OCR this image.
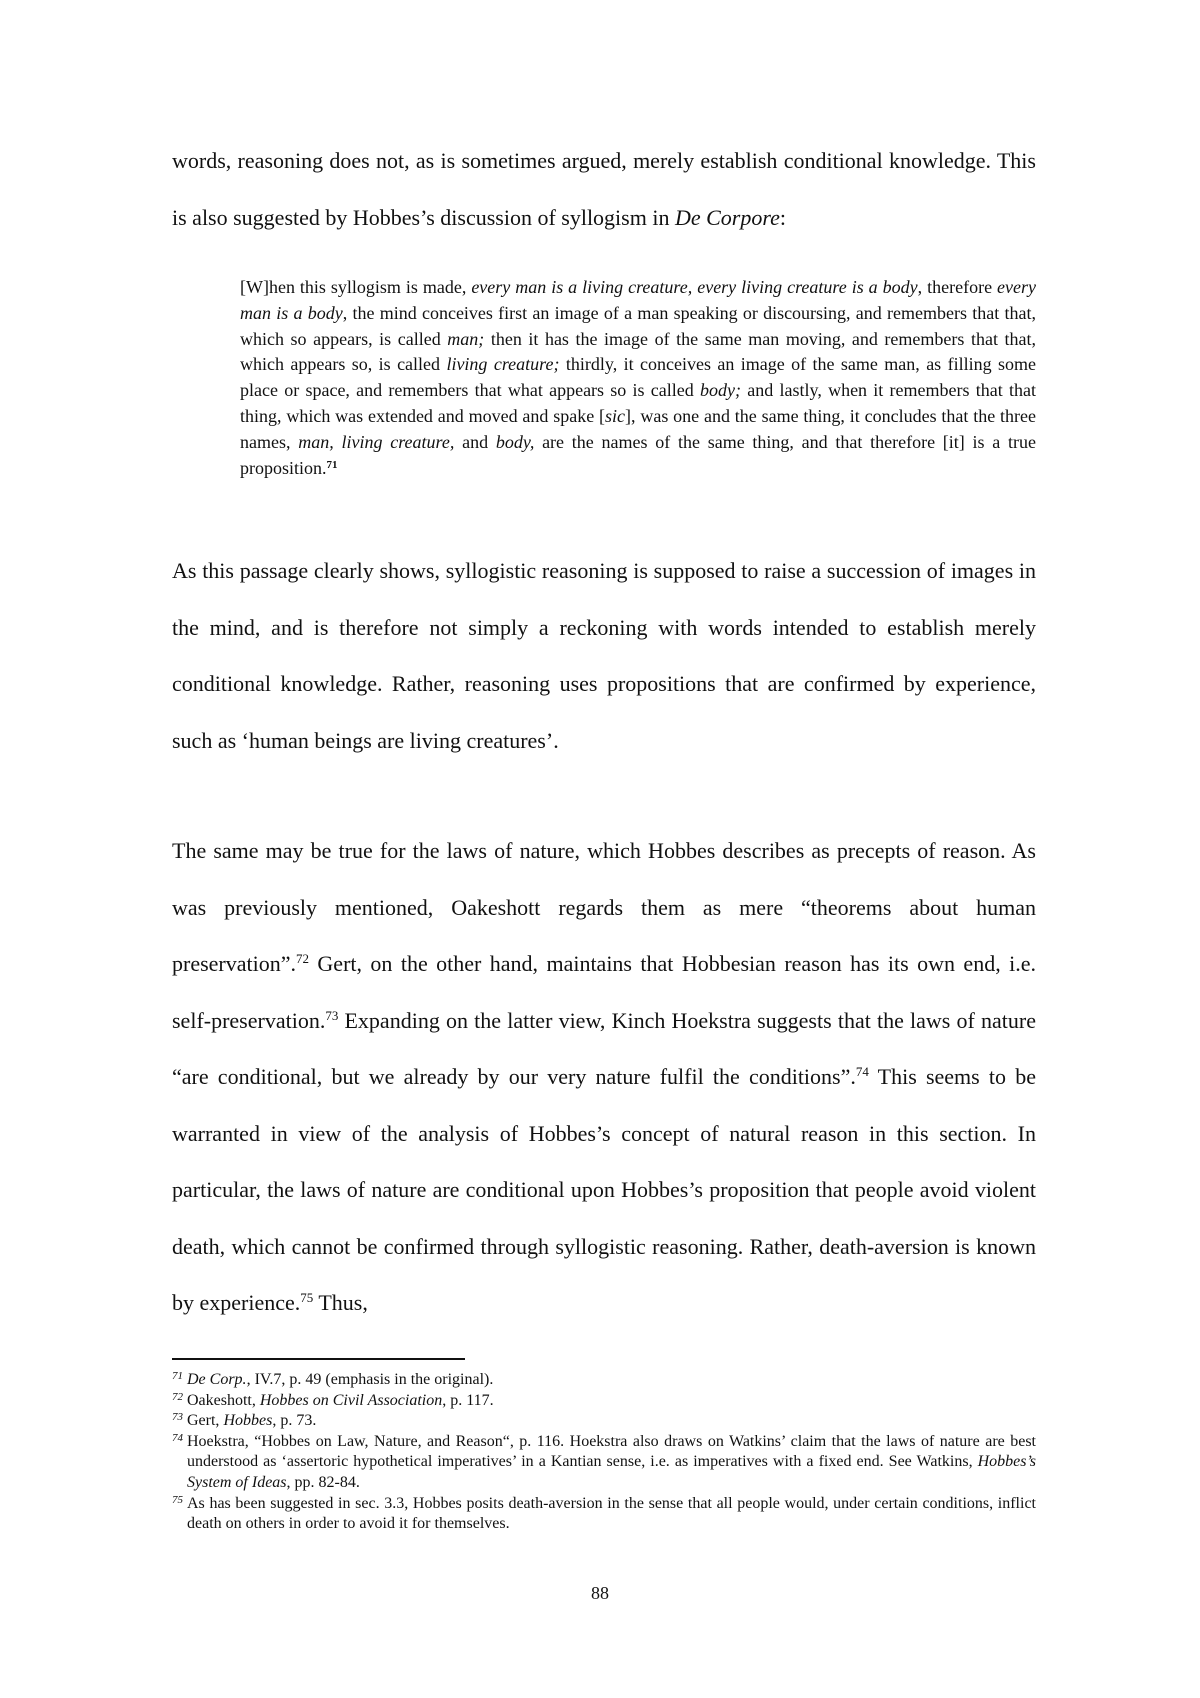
words, reasoning does not, as is sometimes argued, merely establish conditional knowledge. This is also suggested by Hobbes’s discussion of syllogism in De Corpore:

[W]hen this syllogism is made, every man is a living creature, every living creature is a body, therefore every man is a body, the mind conceives first an image of a man speaking or discoursing, and remembers that that, which so appears, is called man; then it has the image of the same man moving, and remembers that that, which appears so, is called living creature; thirdly, it conceives an image of the same man, as filling some place or space, and remembers that what appears so is called body; and lastly, when it remembers that that thing, which was extended and moved and spake [sic], was one and the same thing, it concludes that the three names, man, living creature, and body, are the names of the same thing, and that therefore [it] is a true proposition.$^{71}$

As this passage clearly shows, syllogistic reasoning is supposed to raise a succession of images in the mind, and is therefore not simply a reckoning with words intended to establish merely conditional knowledge. Rather, reasoning uses propositions that are confirmed by experience, such as ‘human beings are living creatures’.

The same may be true for the laws of nature, which Hobbes describes as precepts of reason. As was previously mentioned, Oakeshott regards them as mere “theorems about human preservation”.$^{72}$ Gert, on the other hand, maintains that Hobbesian reason has its own end, i.e. self-preservation.$^{73}$ Expanding on the latter view, Kinch Hoekstra suggests that the laws of nature “are conditional, but we already by our very nature fulfil the conditions”.$^{74}$ This seems to be warranted in view of the analysis of Hobbes’s concept of natural reason in this section. In particular, the laws of nature are conditional upon Hobbes’s proposition that people avoid violent death, which cannot be confirmed through syllogistic reasoning. Rather, death-aversion is known by experience.$^{75}$ Thus,

71 De Corp., IV.7, p. 49 (emphasis in the original).
72 Oakeshott, Hobbes on Civil Association, p. 117.
73 Gert, Hobbes, p. 73.
74 Hoekstra, “Hobbes on Law, Nature, and Reason“, p. 116. Hoekstra also draws on Watkins’ claim that the laws of nature are best understood as ‘assertoric hypothetical imperatives’ in a Kantian sense, i.e. as imperatives with a fixed end. See Watkins, Hobbes’s System of Ideas, pp. 82-84.
75 As has been suggested in sec. 3.3, Hobbes posits death-aversion in the sense that all people would, under certain conditions, inflict death on others in order to avoid it for themselves.
88
